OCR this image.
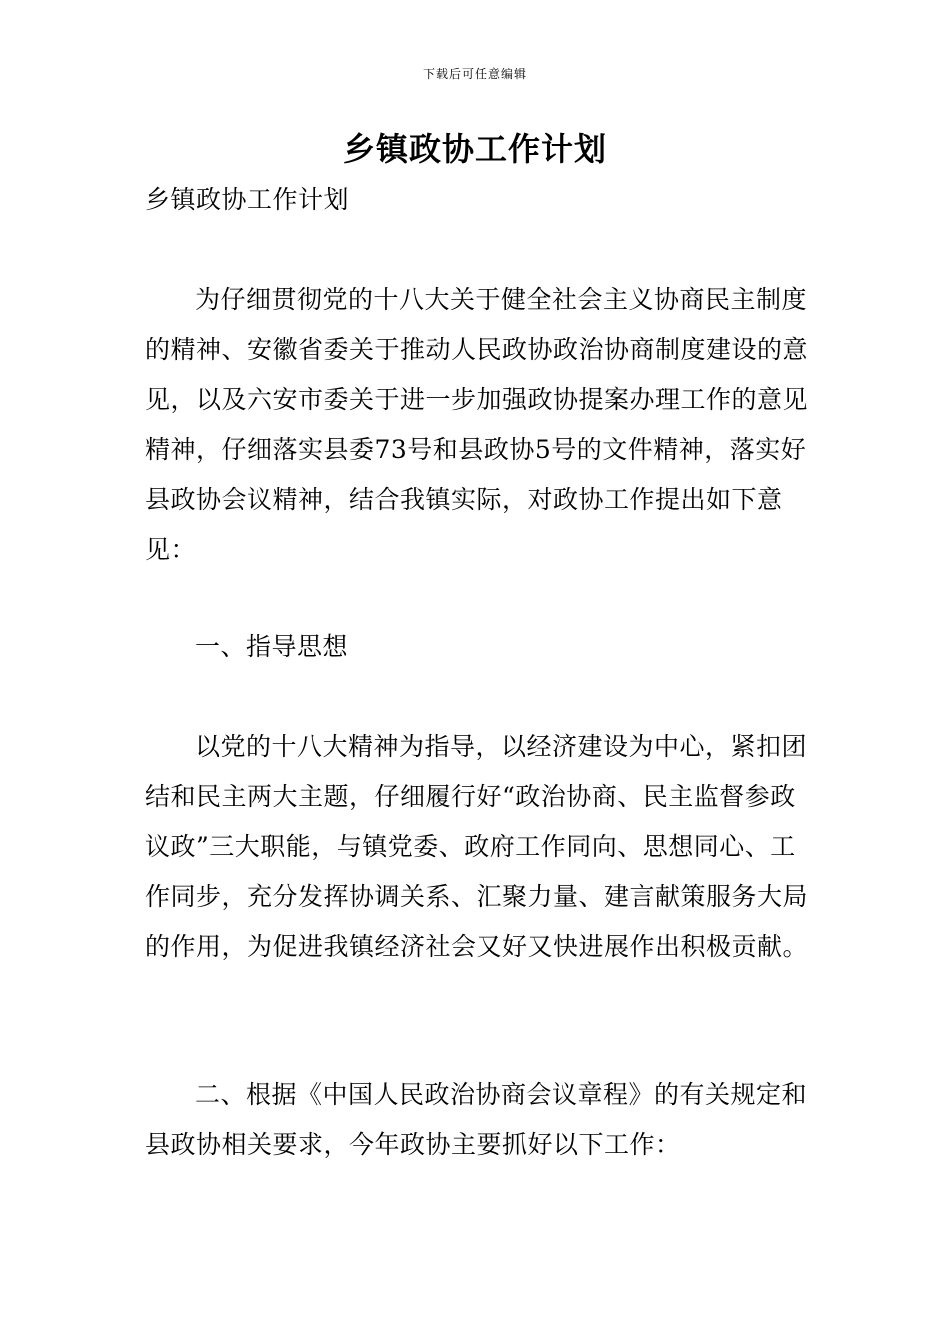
下载后可任意编辑
乡镇政协工作计划

乡镇政协工作计划

为仔细贯彻党的十八大关于健全社会主义协商民主制度的精神、安徽省委关于推动人民政协政治协商制度建设的意见，以及六安市委关于进一步加强政协提案办理工作的意见精神，仔细落实县委73号和县政协5号的文件精神，落实好县政协会议精神，结合我镇实际，对政协工作提出如下意见：

一、指导思想

以党的十八大精神为指导，以经济建设为中心，紧扣团结和民主两大主题，仔细履行好“政治协商、民主监督参政议政”三大职能，与镇党委、政府工作同向、思想同心、工作同步，充分发挥协调关系、汇聚力量、建言献策服务大局的作用，为促进我镇经济社会又好又快进展作出积极贡献。

二、根据《中国人民政治协商会议章程》的有关规定和县政协相关要求，今年政协主要抓好以下工作：
